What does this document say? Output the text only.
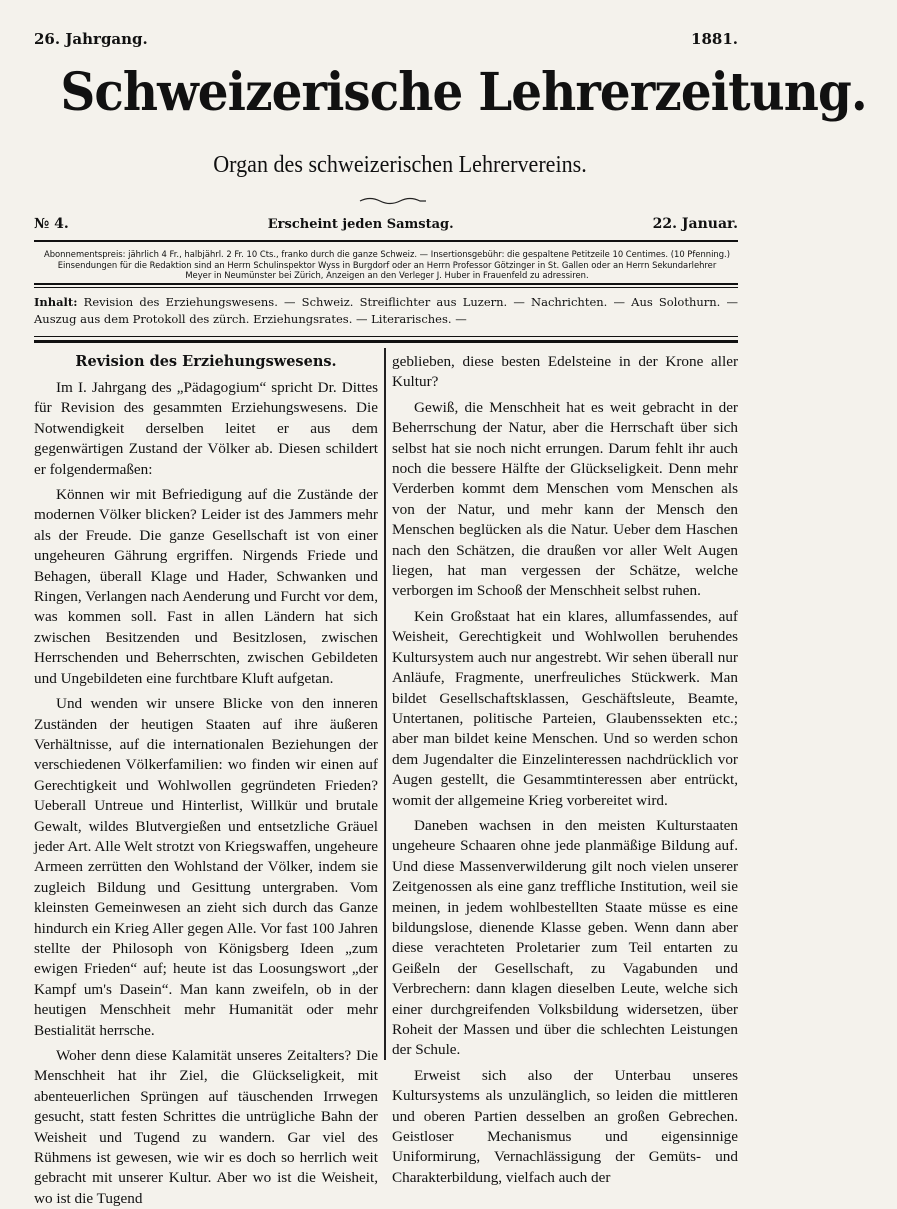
26. Jahrgang.	1881.
Schweizerische Lehrerzeitung.
Organ des schweizerischen Lehrervereins.
№ 4.	Erscheint jeden Samstag.	22. Januar.
Abonnementspreis: jährlich 4 Fr., halbjährl. 2 Fr. 10 Cts., franko durch die ganze Schweiz. — Insertionsgebühr: die gespaltene Petitzeile 10 Centimes. (10 Pfenning.)
Einsendungen für die Redaktion sind an Herrn Schulinspektor Wyss in Burgdorf oder an Herrn Professor Götzinger in St. Gallen oder an Herrn Sekundarlehrer
Meyer in Neumünster bei Zürich, Anzeigen an den Verleger J. Huber in Frauenfeld zu adressiren.
Inhalt: Revision des Erziehungswesens. — Schweiz. Streiflichter aus Luzern. — Nachrichten. — Aus Solothurn. — Auszug aus dem Protokoll des zürch. Erziehungsrates. — Literarisches. —
Revision des Erziehungswesens.

Im I. Jahrgang des „Pädagogium“ spricht Dr. Dittes für Revision des gesammten Erziehungswesens. Die Notwendigkeit derselben leitet er aus dem gegenwärtigen Zustand der Völker ab. Diesen schildert er folgendermaßen:

Können wir mit Befriedigung auf die Zustände der modernen Völker blicken? Leider ist des Jammers mehr als der Freude. Die ganze Gesellschaft ist von einer ungeheuren Gährung ergriffen. Nirgends Friede und Behagen, überall Klage und Hader, Schwanken und Ringen, Verlangen nach Aenderung und Furcht vor dem, was kommen soll. Fast in allen Ländern hat sich zwischen Besitzenden und Besitzlosen, zwischen Herrschenden und Beherrschten, zwischen Gebildeten und Ungebildeten eine furchtbare Kluft aufgetan.

Und wenden wir unsere Blicke von den inneren Zuständen der heutigen Staaten auf ihre äußeren Verhältnisse, auf die internationalen Beziehungen der verschiedenen Völkerfamilien: wo finden wir einen auf Gerechtigkeit und Wohlwollen gegründeten Frieden? Ueberall Untreue und Hinterlist, Willkür und brutale Gewalt, wildes Blutvergießen und entsetzliche Gräuel jeder Art. Alle Welt strotzt von Kriegswaffen, ungeheure Armeen zerrütten den Wohlstand der Völker, indem sie zugleich Bildung und Gesittung untergraben. Vom kleinsten Gemeinwesen an zieht sich durch das Ganze hindurch ein Krieg Aller gegen Alle. Vor fast 100 Jahren stellte der Philosoph von Königsberg Ideen „zum ewigen Frieden“ auf; heute ist das Loosungswort „der Kampf um's Dasein“. Man kann zweifeln, ob in der heutigen Menschheit mehr Humanität oder mehr Bestialität herrsche.

Woher denn diese Kalamität unseres Zeitalters? Die Menschheit hat ihr Ziel, die Glückseligkeit, mit abenteuerlichen Sprüngen auf täuschenden Irrwegen gesucht, statt festen Schrittes die untrügliche Bahn der Weisheit und Tugend zu wandern. Gar viel des Rühmens ist gewesen, wie wir es doch so herrlich weit gebracht mit unserer Kultur. Aber wo ist die Weisheit, wo ist die Tugend

geblieben, diese besten Edelsteine in der Krone aller Kultur?

Gewiß, die Menschheit hat es weit gebracht in der Beherrschung der Natur, aber die Herrschaft über sich selbst hat sie noch nicht errungen. Darum fehlt ihr auch noch die bessere Hälfte der Glückseligkeit. Denn mehr Verderben kommt dem Menschen vom Menschen als von der Natur, und mehr kann der Mensch den Menschen beglücken als die Natur. Ueber dem Haschen nach den Schätzen, die draußen vor aller Welt Augen liegen, hat man vergessen der Schätze, welche verborgen im Schooß der Menschheit selbst ruhen.

Kein Großstaat hat ein klares, allumfassendes, auf Weisheit, Gerechtigkeit und Wohlwollen beruhendes Kultursystem auch nur angestrebt. Wir sehen überall nur Anläufe, Fragmente, unerfreuliches Stückwerk. Man bildet Gesellschaftsklassen, Geschäftsleute, Beamte, Untertanen, politische Parteien, Glaubenssekten etc.; aber man bildet keine Menschen. Und so werden schon dem Jugendalter die Einzelinteressen nachdrücklich vor Augen gestellt, die Gesammtinteressen aber entrückt, womit der allgemeine Krieg vorbereitet wird.

Daneben wachsen in den meisten Kulturstaaten ungeheure Schaaren ohne jede planmäßige Bildung auf. Und diese Massenverwilderung gilt noch vielen unserer Zeitgenossen als eine ganz treffliche Institution, weil sie meinen, in jedem wohlbestellten Staate müsse es eine bildungslose, dienende Klasse geben. Wenn dann aber diese verachteten Proletarier zum Teil entarten zu Geißeln der Gesellschaft, zu Vagabunden und Verbrechern: dann klagen dieselben Leute, welche sich einer durchgreifenden Volksbildung widersetzen, über Roheit der Massen und über die schlechten Leistungen der Schule.

Erweist sich also der Unterbau unseres Kultursystems als unzulänglich, so leiden die mittleren und oberen Partien desselben an großen Gebrechen. Geistloser Mechanismus und eigensinnige Uniformirung, Vernachlässigung der Gemüts- und Charakterbildung, vielfach auch der
